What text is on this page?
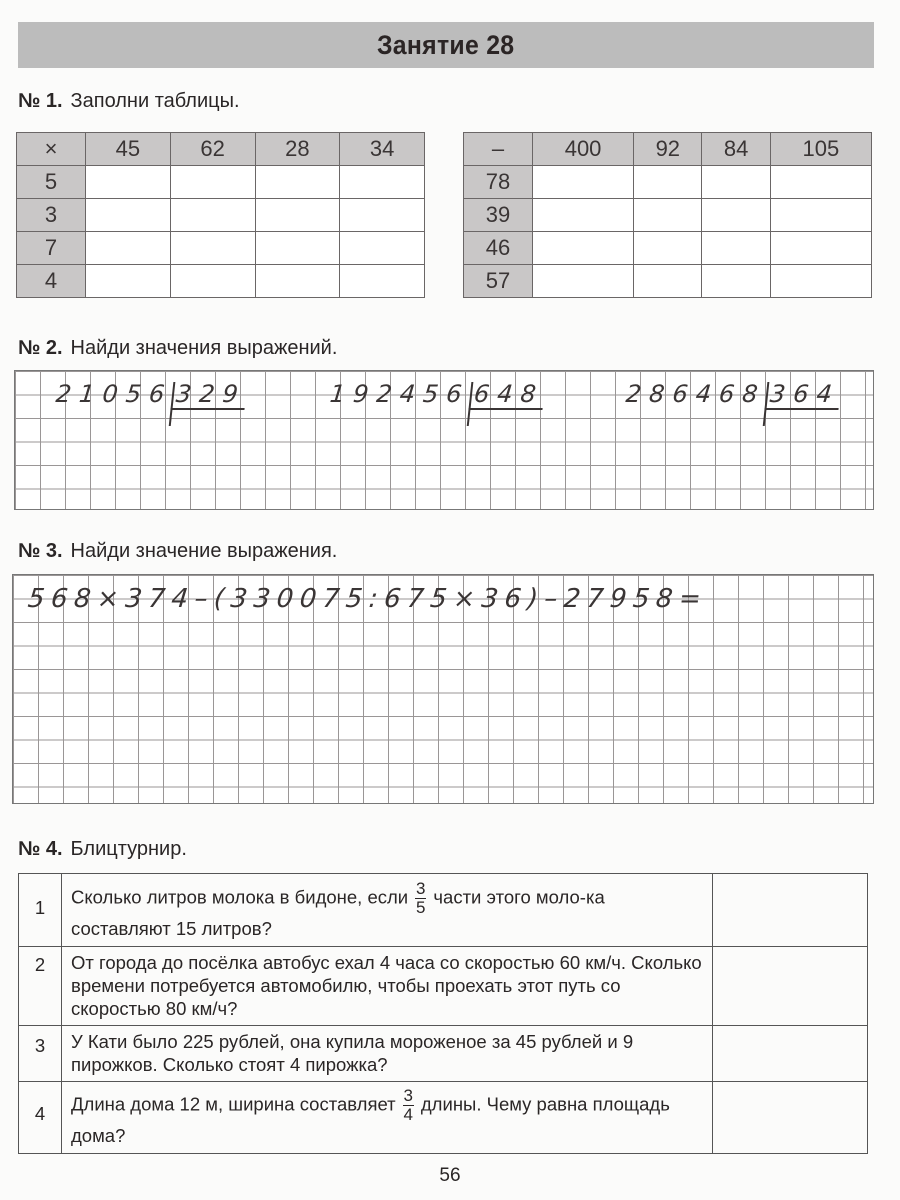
Занятие 28
№ 1. Заполни таблицы.
×	45	62	28	34
5				
3				
7				
4				
–	400	92	84	105
78				
39				
46				
57				
№ 2. Найди значения выражений.
21056 329	192456 648	286468 364
№ 3. Найди значение выражения.
568×374–(330075:675×36)–27958=
№ 4. Блицтурнир.
1	Сколько литров молока в бидоне, если $\frac{3}{5}$ части этого моло-ка составляют 15 литров?	
2	От города до посёлка автобус ехал 4 часа со скоростью 60 км/ч. Сколько времени потребуется автомобилю, чтобы проехать этот путь со скоростью 80 км/ч?	
3	У Кати было 225 рублей, она купила мороженое за 45 рублей и 9 пирожков. Сколько стоят 4 пирожка?	
4	Длина дома 12 м, ширина составляет $\frac{3}{4}$ длины. Чему равна площадь дома?	
56
